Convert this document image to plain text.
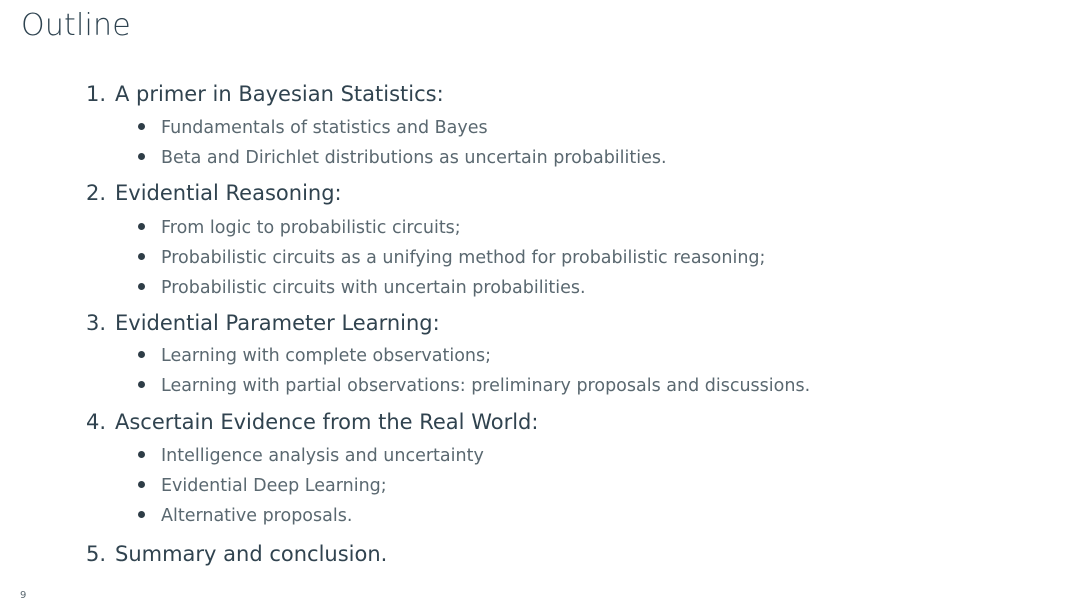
Outline
1. A primer in Bayesian Statistics:
Fundamentals of statistics and Bayes
Beta and Dirichlet distributions as uncertain probabilities.
2. Evidential Reasoning:
From logic to probabilistic circuits;
Probabilistic circuits as a unifying method for probabilistic reasoning;
Probabilistic circuits with uncertain probabilities.
3. Evidential Parameter Learning:
Learning with complete observations;
Learning with partial observations: preliminary proposals and discussions.
4. Ascertain Evidence from the Real World:
Intelligence analysis and uncertainty
Evidential Deep Learning;
Alternative proposals.
5. Summary and conclusion.
9
